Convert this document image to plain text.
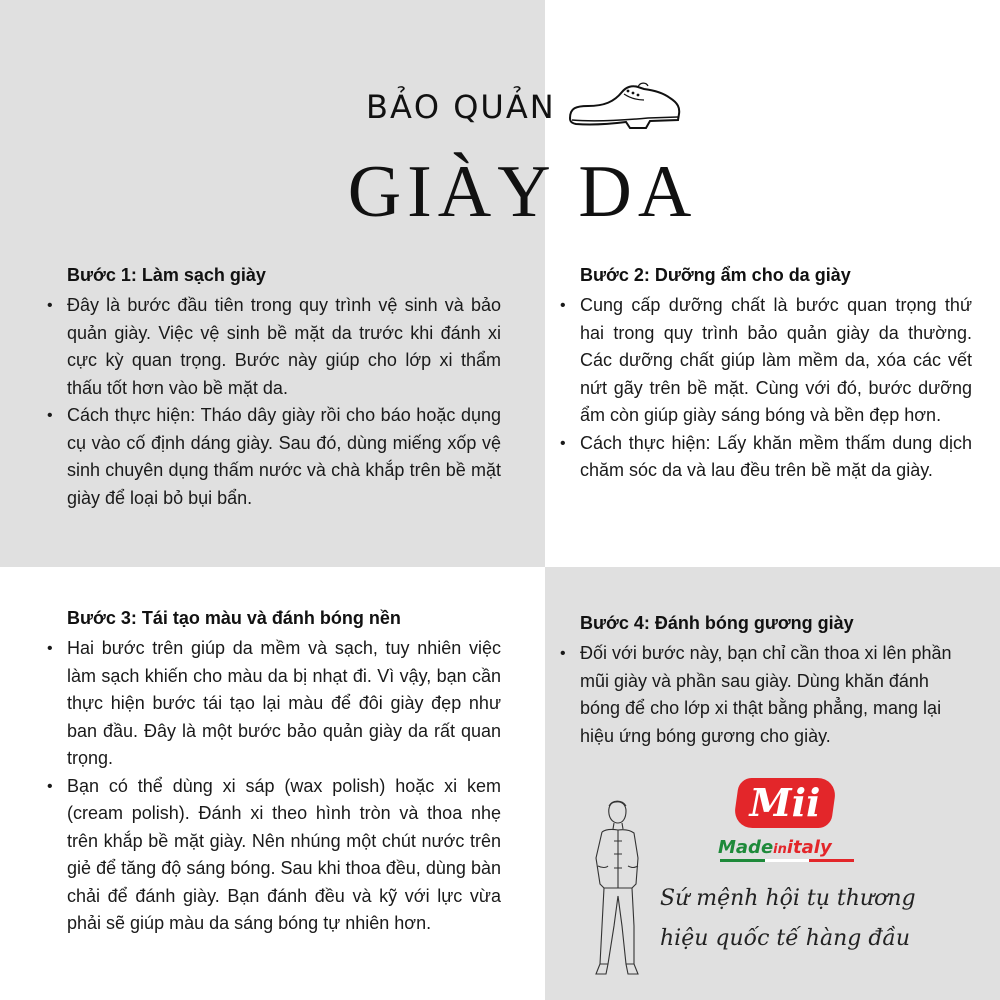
BẢO QUẢN
GIÀY DA
Bước 1: Làm sạch giày
• Đây là bước đầu tiên trong quy trình vệ sinh và bảo quản giày. Việc vệ sinh bề mặt da trước khi đánh xi cực kỳ quan trọng. Bước này giúp cho lớp xi thẩm thấu tốt hơn vào bề mặt da.
• Cách thực hiện: Tháo dây giày rồi cho báo hoặc dụng cụ vào cố định dáng giày. Sau đó, dùng miếng xốp vệ sinh chuyên dụng thấm nước và chà khắp trên bề mặt giày để loại bỏ bụi bẩn.
Bước 2: Dưỡng ẩm cho da giày
• Cung cấp dưỡng chất là bước quan trọng thứ hai trong quy trình bảo quản giày da thường. Các dưỡng chất giúp làm mềm da, xóa các vết nứt gãy trên bề mặt. Cùng với đó, bước dưỡng ẩm còn giúp giày sáng bóng và bền đẹp hơn.
• Cách thực hiện: Lấy khăn mềm thấm dung dịch chăm sóc da và lau đều trên bề mặt da giày.
Bước 3: Tái tạo màu và đánh bóng nền
• Hai bước trên giúp da mềm và sạch, tuy nhiên việc làm sạch khiến cho màu da bị nhạt đi. Vì vậy, bạn cần thực hiện bước tái tạo lại màu để đôi giày đẹp như ban đầu. Đây là một bước bảo quản giày da rất quan trọng.
• Bạn có thể dùng xi sáp (wax polish) hoặc xi kem (cream polish). Đánh xi theo hình tròn và thoa nhẹ trên khắp bề mặt giày. Nên nhúng một chút nước trên giẻ để tăng độ sáng bóng. Sau khi thoa đều, dùng bàn chải để đánh giày. Bạn đánh đều và kỹ với lực vừa phải sẽ giúp màu da sáng bóng tự nhiên hơn.
Bước 4: Đánh bóng gương giày
• Đối với bước này, bạn chỉ cần thoa xi lên phần mũi giày và phần sau giày. Dùng khăn đánh bóng để cho lớp xi thật bằng phẳng, mang lại hiệu ứng bóng gương cho giày.
Mii
Madeinitaly
Sứ mệnh hội tụ thương
hiệu quốc tế hàng đầu
